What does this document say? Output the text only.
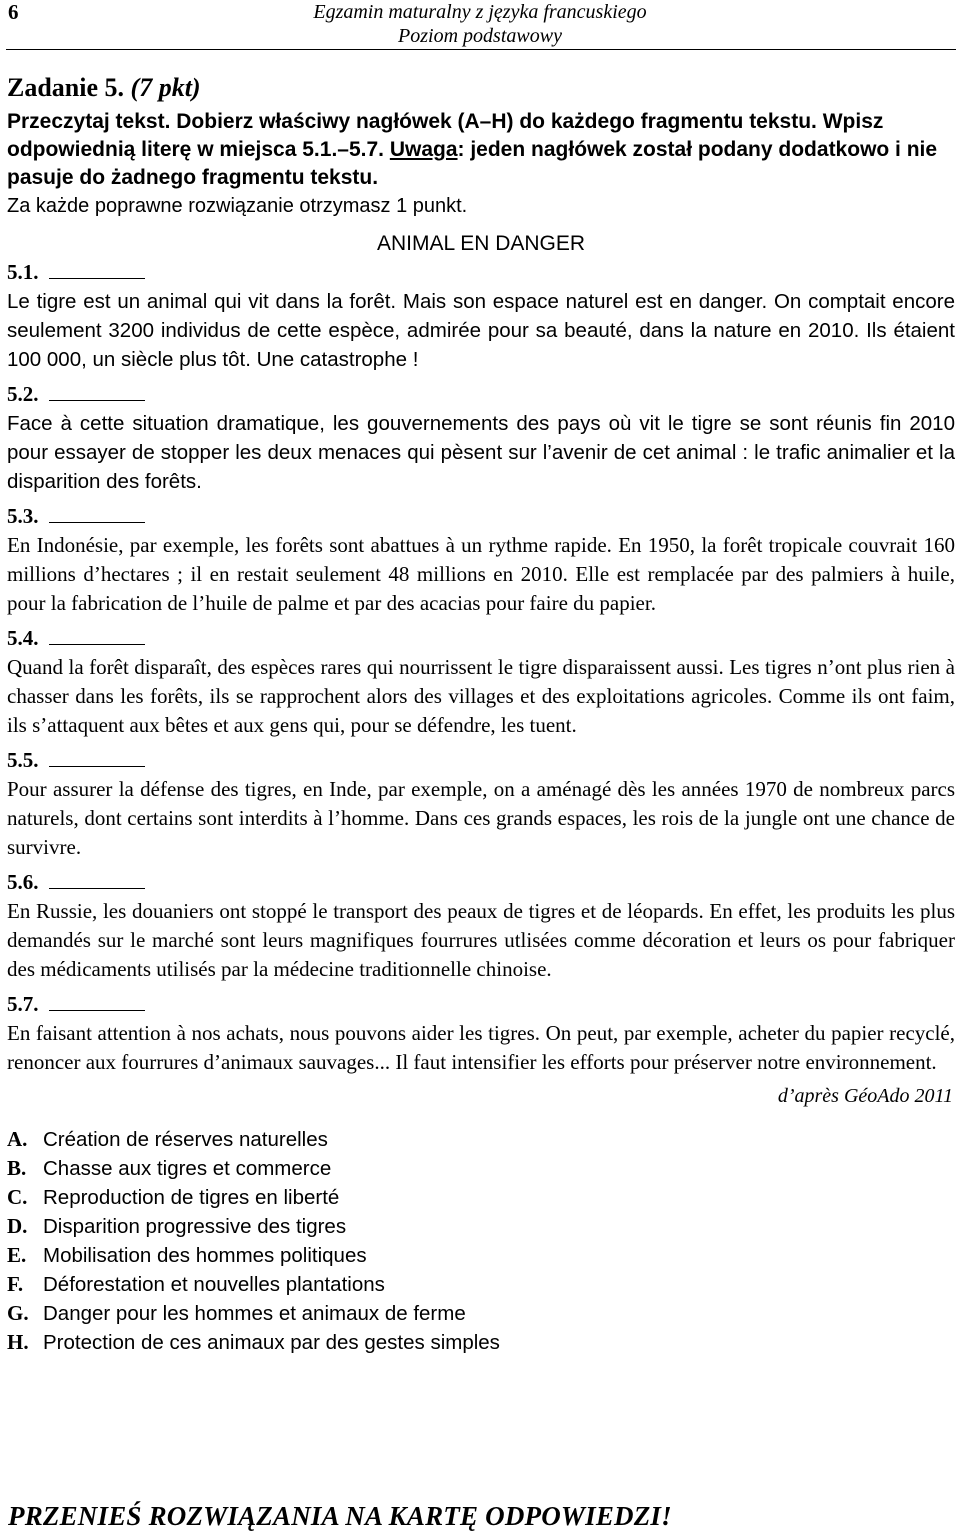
6	Egzamin maturalny z języka francuskiego
Poziom podstawowy

Zadanie 5. (7 pkt)

Przeczytaj tekst. Dobierz właściwy nagłówek (A–H) do każdego fragmentu tekstu. Wpisz odpowiednią literę w miejsca 5.1.–5.7. Uwaga: jeden nagłówek został podany dodatkowo i nie pasuje do żadnego fragmentu tekstu.

Za każde poprawne rozwiązanie otrzymasz 1 punkt.

ANIMAL EN DANGER

5.1.

Le tigre est un animal qui vit dans la forêt. Mais son espace naturel est en danger. On comptait encore seulement 3200 individus de cette espèce, admirée pour sa beauté, dans la nature en 2010. Ils étaient 100 000, un siècle plus tôt. Une catastrophe !

5.2.

Face à cette situation dramatique, les gouvernements des pays où vit le tigre se sont réunis fin 2010 pour essayer de stopper les deux menaces qui pèsent sur l’avenir de cet animal : le trafic animalier et la disparition des forêts.

5.3.

En Indonésie, par exemple, les forêts sont abattues à un rythme rapide. En 1950, la forêt tropicale couvrait 160 millions d’hectares ; il en restait seulement 48 millions en 2010. Elle est remplacée par des palmiers à huile, pour la fabrication de l’huile de palme et par des acacias pour faire du papier.

5.4.

Quand la forêt disparaît, des espèces rares qui nourrissent le tigre disparaissent aussi. Les tigres n’ont plus rien à chasser dans les forêts, ils se rapprochent alors des villages et des exploitations agricoles. Comme ils ont faim, ils s’attaquent aux bêtes et aux gens qui, pour se défendre, les tuent.

5.5.

Pour assurer la défense des tigres, en Inde, par exemple, on a aménagé dès les années 1970 de nombreux parcs naturels, dont certains sont interdits à l’homme. Dans ces grands espaces, les rois de la jungle ont une chance de survivre.

5.6.

En Russie, les douaniers ont stoppé le transport des peaux de tigres et de léopards. En effet, les produits les plus demandés sur le marché sont leurs magnifiques fourrures utlisées comme décoration et leurs os pour fabriquer des médicaments utilisés par la médecine traditionnelle chinoise.

5.7.

En faisant attention à nos achats, nous pouvons aider les tigres. On peut, par exemple, acheter du papier recyclé, renoncer aux fourrures d’animaux sauvages... Il faut intensifier les efforts pour préserver notre environnement.

d’après GéoAdo 2011

A. Création de réserves naturelles
B. Chasse aux tigres et commerce
C. Reproduction de tigres en liberté
D. Disparition progressive des tigres
E. Mobilisation des hommes politiques
F. Déforestation et nouvelles plantations
G. Danger pour les hommes et animaux de ferme
H. Protection de ces animaux par des gestes simples
PRZENIEŚ ROZWIĄZANIA NA KARTĘ ODPOWIEDZI!
